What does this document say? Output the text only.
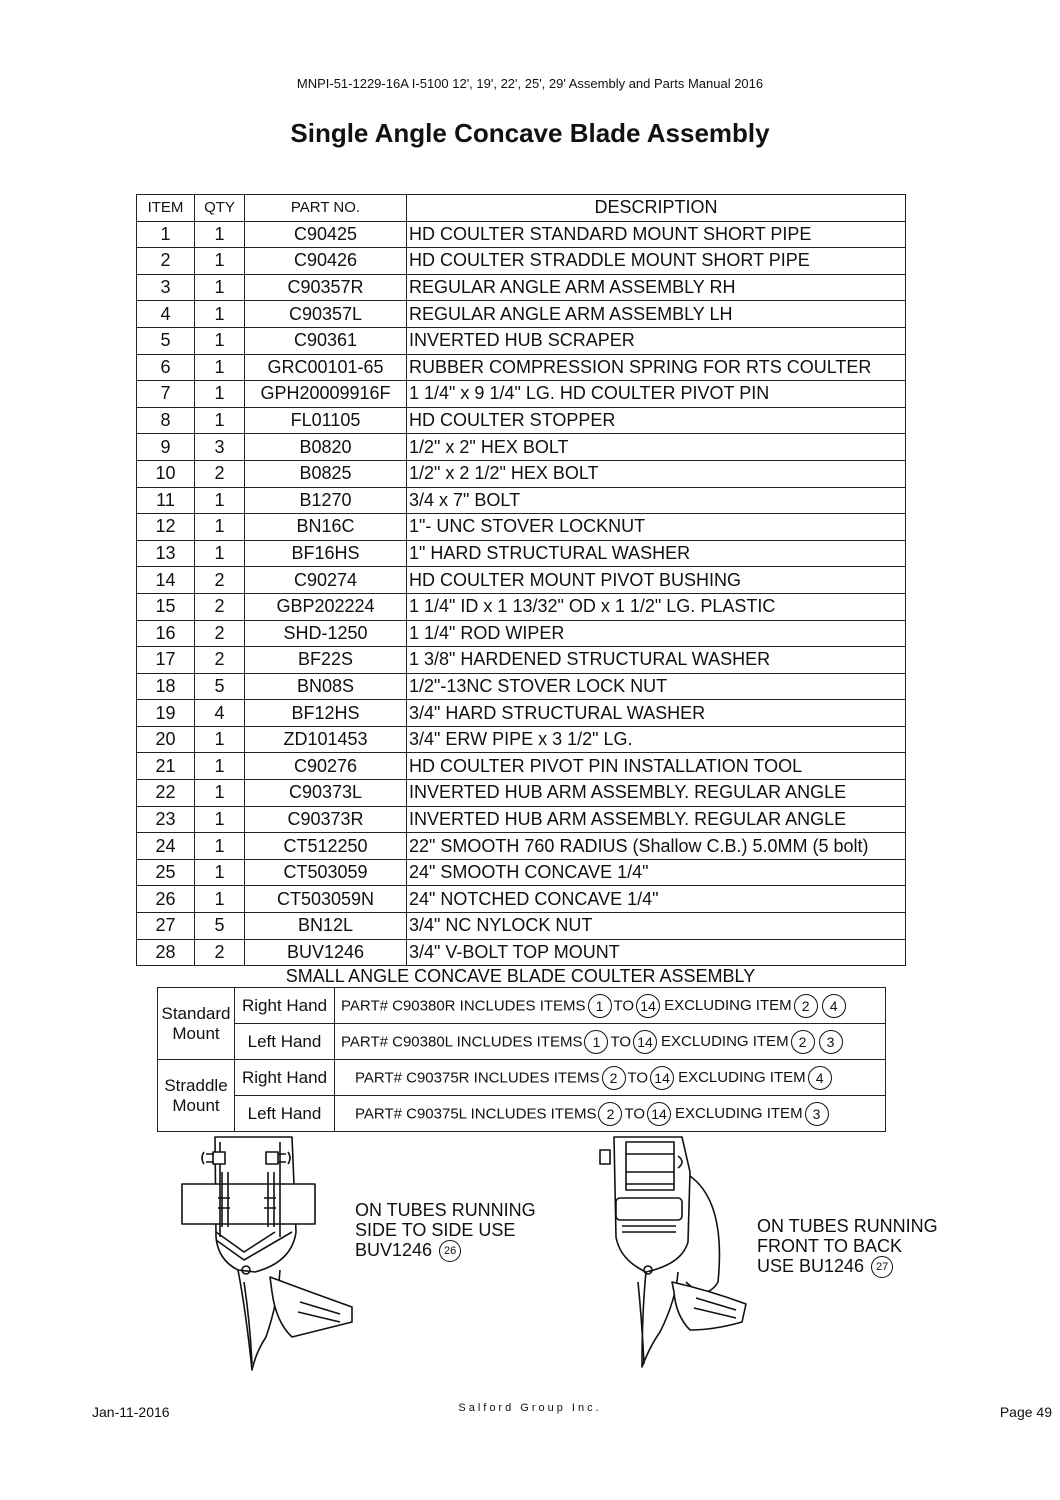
MNPI-51-1229-16A I-5100 12', 19', 22', 25', 29' Assembly and Parts Manual 2016
Single Angle Concave Blade Assembly
ITEM	QTY	PART NO.	DESCRIPTION
1	1	C90425	HD COULTER STANDARD MOUNT SHORT PIPE
2	1	C90426	HD COULTER STRADDLE MOUNT SHORT PIPE
3	1	C90357R	REGULAR ANGLE ARM ASSEMBLY RH
4	1	C90357L	REGULAR ANGLE ARM ASSEMBLY LH
5	1	C90361	INVERTED HUB SCRAPER
6	1	GRC00101-65	RUBBER COMPRESSION SPRING FOR RTS COULTER
7	1	GPH20009916F	1 1/4" x 9 1/4" LG. HD COULTER PIVOT PIN
8	1	FL01105	HD COULTER STOPPER
9	3	B0820	1/2" x 2" HEX BOLT
10	2	B0825	1/2" x 2 1/2" HEX BOLT
11	1	B1270	3/4 x 7" BOLT
12	1	BN16C	1"- UNC STOVER LOCKNUT
13	1	BF16HS	1" HARD STRUCTURAL WASHER
14	2	C90274	HD COULTER MOUNT PIVOT BUSHING
15	2	GBP202224	1 1/4" ID x 1 13/32" OD x 1 1/2" LG. PLASTIC
16	2	SHD-1250	1 1/4" ROD WIPER
17	2	BF22S	1 3/8" HARDENED STRUCTURAL WASHER
18	5	BN08S	1/2"-13NC STOVER LOCK NUT
19	4	BF12HS	3/4" HARD STRUCTURAL WASHER
20	1	ZD101453	3/4" ERW PIPE x 3 1/2" LG.
21	1	C90276	HD COULTER PIVOT PIN INSTALLATION TOOL
22	1	C90373L	INVERTED HUB ARM ASSEMBLY. REGULAR ANGLE
23	1	C90373R	INVERTED HUB ARM ASSEMBLY. REGULAR ANGLE
24	1	CT512250	22" SMOOTH 760 RADIUS (Shallow C.B.) 5.0MM (5 bolt)
25	1	CT503059	24" SMOOTH CONCAVE 1/4"
26	1	CT503059N	24" NOTCHED CONCAVE 1/4"
27	5	BN12L	3/4" NC NYLOCK NUT
28	2	BUV1246	3/4" V-BOLT TOP MOUNT
SMALL ANGLE CONCAVE BLADE COULTER ASSEMBLY
Standard
Mount	Right Hand	PART# C90380R INCLUDES ITEMS 1 TO 14 EXCLUDING ITEM 2 4
	Left Hand	PART# C90380L INCLUDES ITEMS 1 TO 14 EXCLUDING ITEM 2 3

Straddle
Mount	Right Hand	PART# C90375R INCLUDES ITEMS 2 TO 14 EXCLUDING ITEM 4
	Left Hand	PART# C90375L INCLUDES ITEMS 2 TO 14 EXCLUDING ITEM 3
ON TUBES RUNNING
SIDE TO SIDE USE
BUV1246 26
ON TUBES RUNNING
FRONT TO BACK
USE BU1246 27
Jan-11-2016	Salford Group Inc.	Page 49
